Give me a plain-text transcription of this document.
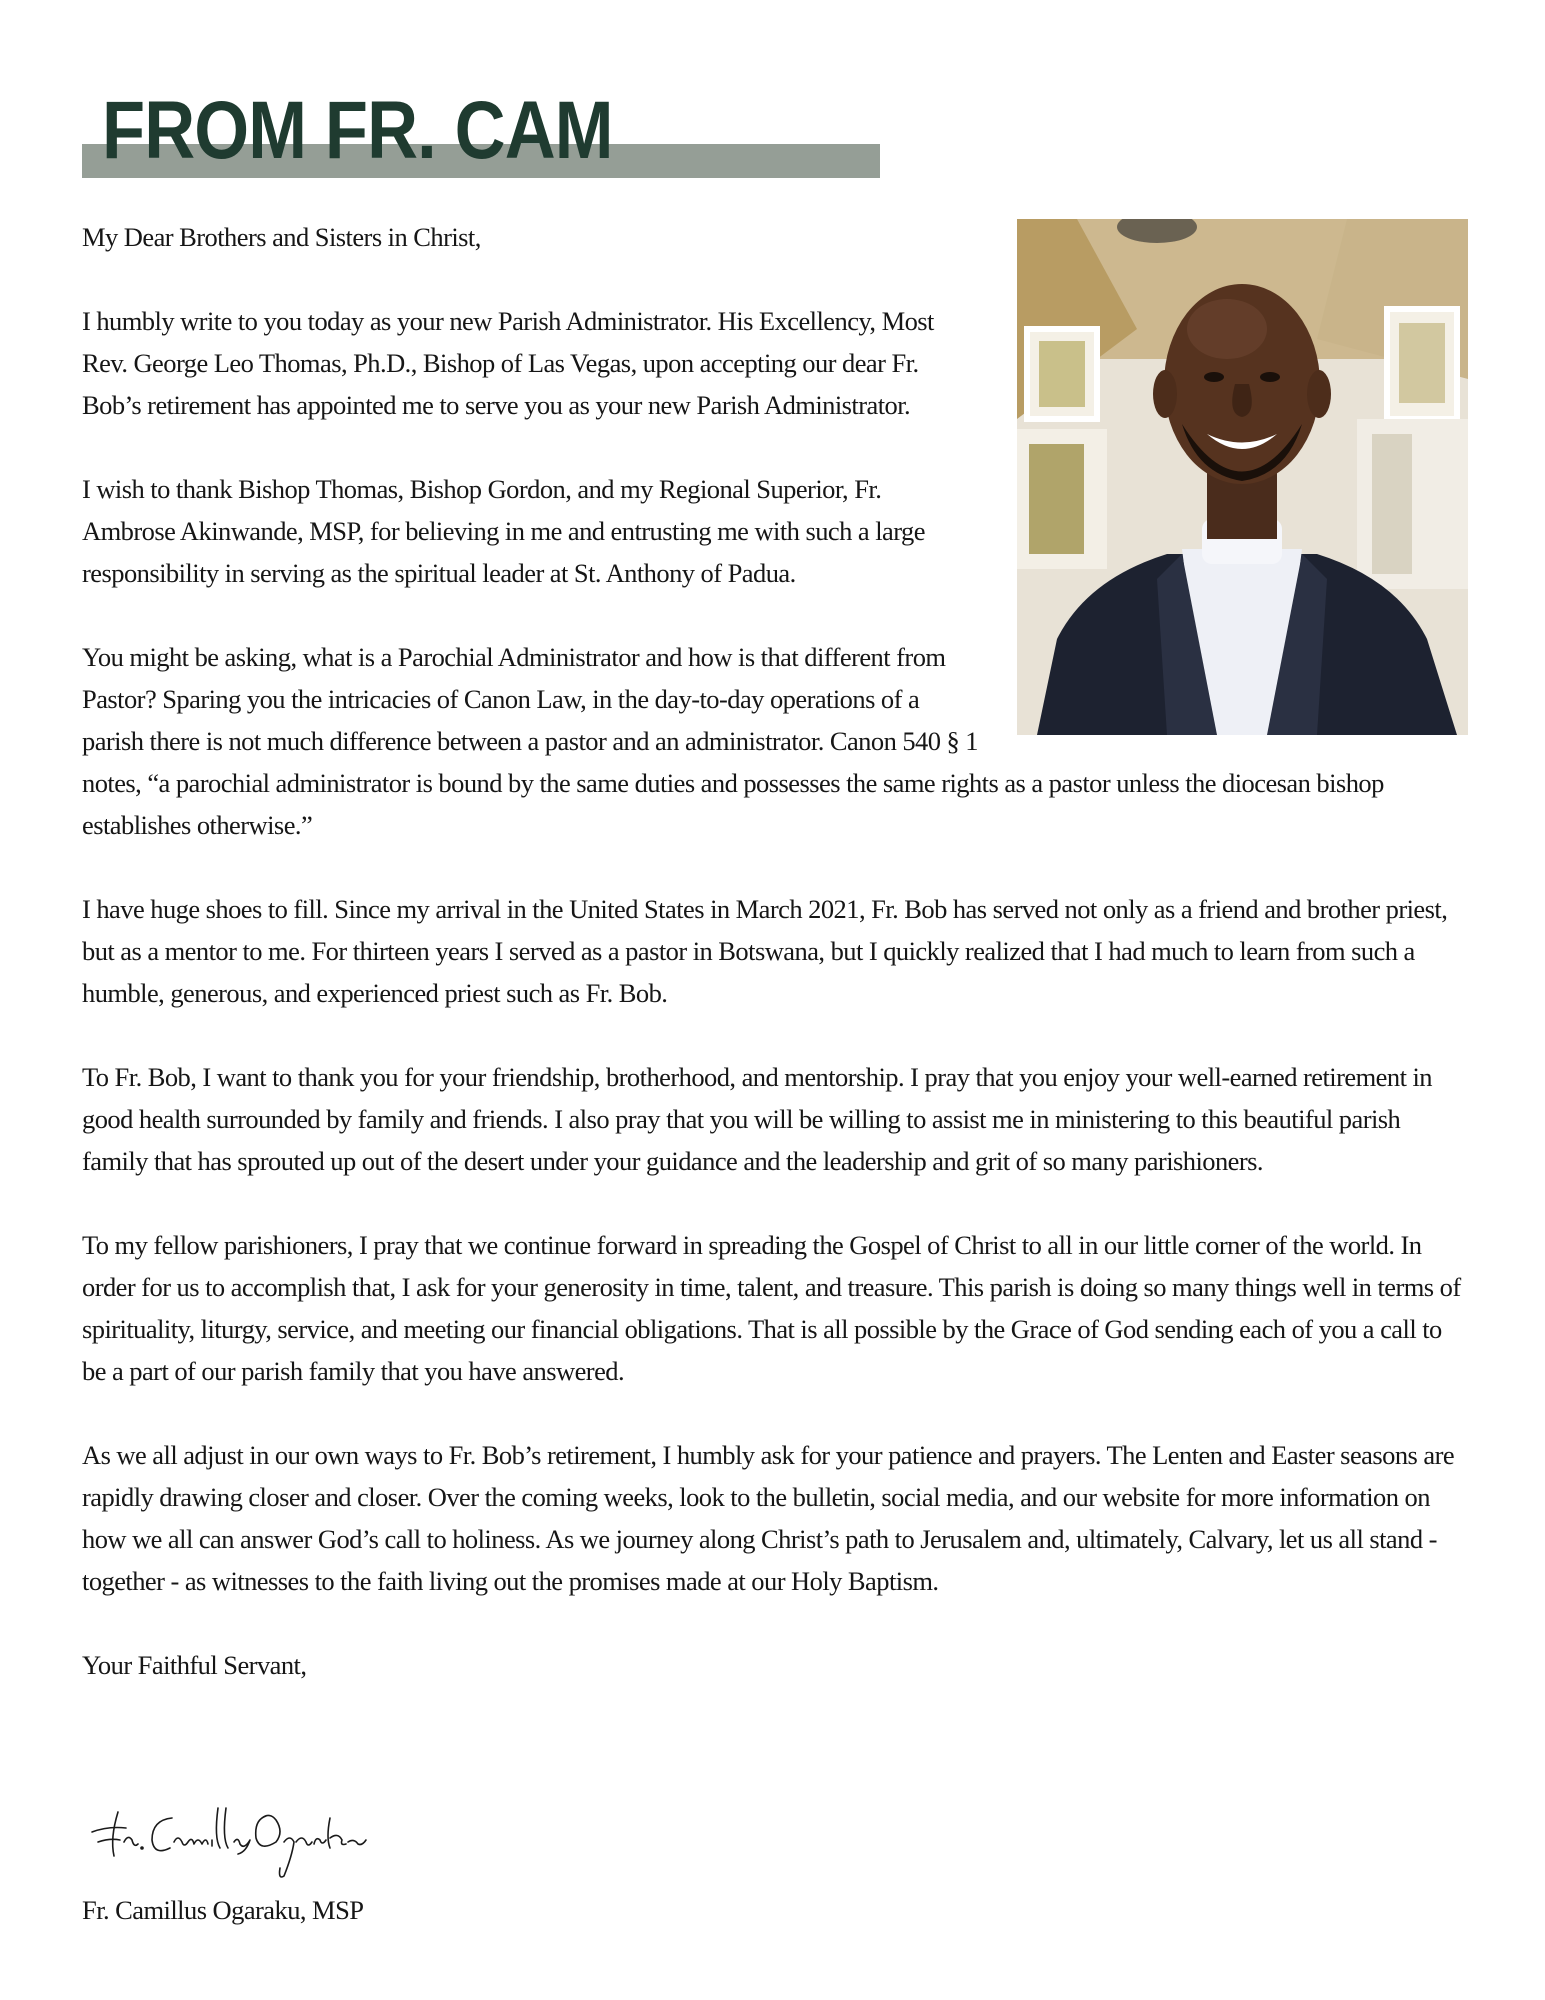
FROM FR. CAM

My Dear Brothers and Sisters in Christ,

I humbly write to you today as your new Parish Administrator. His Excellency, Most Rev. George Leo Thomas, Ph.D., Bishop of Las Vegas, upon accepting our dear Fr. Bob’s retirement has appointed me to serve you as your new Parish Administrator.

I wish to thank Bishop Thomas, Bishop Gordon, and my Regional Superior, Fr. Ambrose Akinwande, MSP, for believing in me and entrusting me with such a large responsibility in serving as the spiritual leader at St. Anthony of Padua.

You might be asking, what is a Parochial Administrator and how is that different from Pastor? Sparing you the intricacies of Canon Law, in the day-to-day operations of a parish there is not much difference between a pastor and an administrator. Canon 540 § 1 notes, “a parochial administrator is bound by the same duties and possesses the same rights as a pastor unless the diocesan bishop establishes otherwise.”

I have huge shoes to fill. Since my arrival in the United States in March 2021, Fr. Bob has served not only as a friend and brother priest, but as a mentor to me. For thirteen years I served as a pastor in Botswana, but I quickly realized that I had much to learn from such a humble, generous, and experienced priest such as Fr. Bob.

To Fr. Bob, I want to thank you for your friendship, brotherhood, and mentorship. I pray that you enjoy your well-earned retirement in good health surrounded by family and friends. I also pray that you will be willing to assist me in ministering to this beautiful parish family that has sprouted up out of the desert under your guidance and the leadership and grit of so many parishioners.

To my fellow parishioners, I pray that we continue forward in spreading the Gospel of Christ to all in our little corner of the world. In order for us to accomplish that, I ask for your generosity in time, talent, and treasure. This parish is doing so many things well in terms of spirituality, liturgy, service, and meeting our financial obligations. That is all possible by the Grace of God sending each of you a call to be a part of our parish family that you have answered.

As we all adjust in our own ways to Fr. Bob’s retirement, I humbly ask for your patience and prayers. The Lenten and Easter seasons are rapidly drawing closer and closer. Over the coming weeks, look to the bulletin, social media, and our website for more information on how we all can answer God’s call to holiness. As we journey along Christ’s path to Jerusalem and, ultimately, Calvary, let us all stand - together - as witnesses to the faith living out the promises made at our Holy Baptism.

Your Faithful Servant,

Fr. Camillus Ogaraku, MSP
